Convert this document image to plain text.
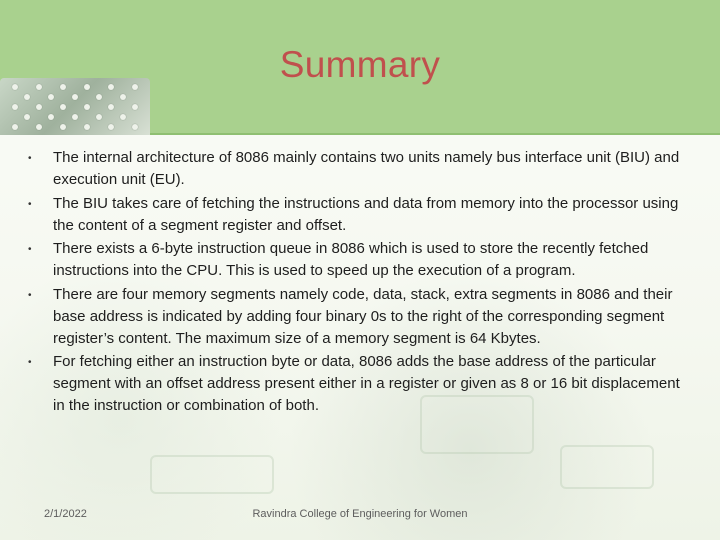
Summary
• The internal architecture of 8086 mainly contains two units namely bus interface unit (BIU) and execution unit (EU).
• The BIU takes care of fetching the instructions and data from memory into the processor using the content of a segment register and offset.
• There exists a 6-byte instruction queue in 8086 which is used to store the recently fetched instructions into the CPU. This is used to speed up the execution of a program.
• There are four memory segments namely code, data, stack, extra segments in 8086 and their base address is indicated by adding four binary 0s to the right of the corresponding segment register’s content. The maximum size of a memory segment is 64 Kbytes.
• For fetching either an instruction byte or data, 8086 adds the base address of the particular segment with an offset address present either in a register or given as 8 or 16 bit displacement in the instruction or combination of both.
2/1/2022	Ravindra College of Engineering for Women
